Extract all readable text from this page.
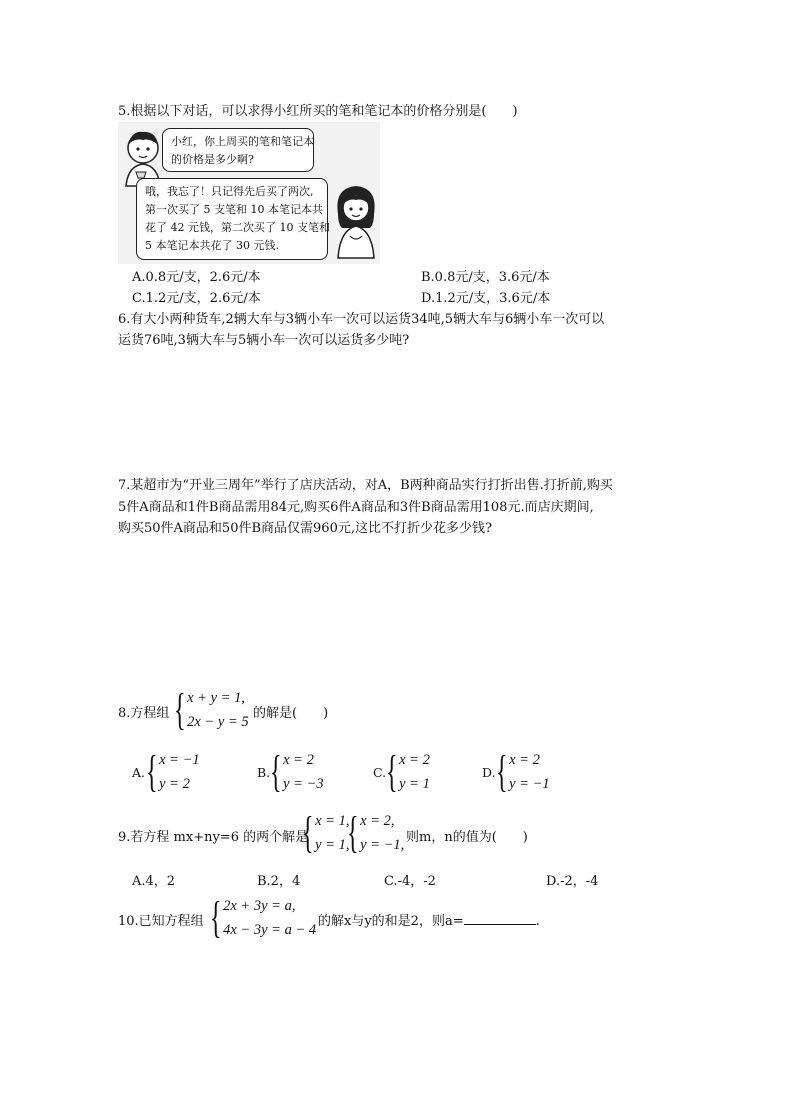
5.根据以下对话，可以求得小红所买的笔和笔记本的价格分别是(　　)
小红，你上周买的笔和笔记本
的价格是多少啊?
哦，我忘了！只记得先后买了两次,
第一次买了 5 支笔和 10 本笔记本共
花了 42 元钱，第二次买了 10 支笔和
5 本笔记本共花了 30 元钱.
A.0.8元/支，2.6元/本	B.0.8元/支，3.6元/本
C.1.2元/支，2.6元/本	D.1.2元/支，3.6元/本
6.有大小两种货车,2辆大车与3辆小车一次可以运货34吨,5辆大车与6辆小车一次可以
运货76吨,3辆大车与5辆小车一次可以运货多少吨?
7.某超市为“开业三周年”举行了店庆活动，对A，B两种商品实行打折出售.打折前,购买
5件A商品和1件B商品需用84元,购买6件A商品和3件B商品需用108元.而店庆期间,
购买50件A商品和50件B商品仅需960元,这比不打折少花多少钱?
8.方程组 { x + y = 1,
2x − y = 5
的解是(　　)
A. { x = −1
y = 2
B. { x = 2
y = −3
C. { x = 2
y = 1
D. { x = 2
y = −1
9.若方程 mx+ny=6 的两个解是
{ x = 1,
y = 1,
{ x = 2,
y = −1, 则m，n的值为(　　)
A.4，2	B.2，4	C.-4，-2	D.-2，-4
10.已知方程组 { 2x + 3y = a,
4x − 3y = a − 4
的解x与y的和是2，则a=	.
